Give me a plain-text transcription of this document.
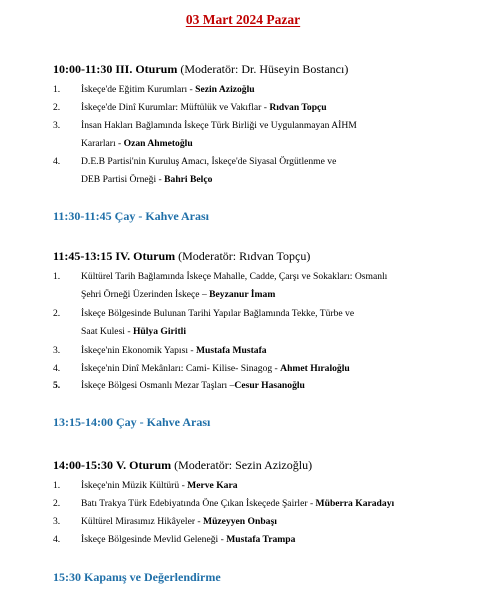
03 Mart 2024 Pazar
10:00-11:30 III. Oturum (Moderatör: Dr. Hüseyin Bostancı)
1.	İskeçe'de Eğitim Kurumları - Sezin Azizoğlu
2.	İskeçe'de Dinî Kurumlar: Müftülük ve Vakıflar - Rıdvan Topçu
3.	İnsan Hakları Bağlamında İskeçe Türk Birliği ve Uygulanmayan AİHM
Kararları - Ozan Ahmetoğlu
4.	D.E.B Partisi'nin Kuruluş Amacı, İskeçe'de Siyasal Örgütlenme ve
DEB Partisi Örneği - Bahri Belço
11:30-11:45 Çay - Kahve Arası
11:45-13:15 IV. Oturum (Moderatör: Rıdvan Topçu)
1.	Kültürel Tarih Bağlamında İskeçe Mahalle, Cadde, Çarşı ve Sokakları: Osmanlı
Şehri Örneği Üzerinden İskeçe – Beyzanur İmam
2.	İskeçe Bölgesinde Bulunan Tarihi Yapılar Bağlamında Tekke, Türbe ve
Saat Kulesi - Hülya Giritli
3.	İskeçe'nin Ekonomik Yapısı - Mustafa Mustafa
4.	İskeçe'nin Dinî Mekânları: Cami- Kilise- Sinagog - Ahmet Hıraloğlu
5.	İskeçe Bölgesi Osmanlı Mezar Taşları –Cesur Hasanoğlu
13:15-14:00 Çay - Kahve Arası
14:00-15:30 V. Oturum (Moderatör: Sezin Azizoğlu)
1.	İskeçe'nin Müzik Kültürü - Merve Kara
2.	Batı Trakya Türk Edebiyatında Öne Çıkan İskeçede Şairler - Müberra Karadayı
3.	Kültürel Mirasımız Hikâyeler - Müzeyyen Onbaşı
4.	İskeçe Bölgesinde Mevlid Geleneği - Mustafa Trampa
15:30 Kapanış ve Değerlendirme
